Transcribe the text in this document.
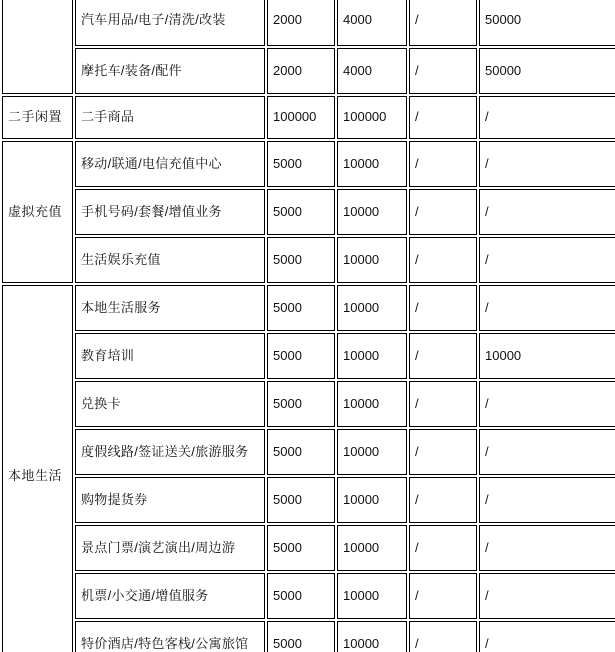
	汽车用品/电子/清洗/改装	2000	4000	/	50000
	摩托车/装备/配件	2000	4000	/	50000
二手闲置	二手商品	100000	100000	/	/
虚拟充值	移动/联通/电信充值中心	5000	10000	/	/
	手机号码/套餐/增值业务	5000	10000	/	/
	生活娱乐充值	5000	10000	/	/
本地生活	本地生活服务	5000	10000	/	/
	教育培训	5000	10000	/	10000
	兑换卡	5000	10000	/	/
	度假线路/签证送关/旅游服务	5000	10000	/	/
	购物提货券	5000	10000	/	/
	景点门票/演艺演出/周边游	5000	10000	/	/
	机票/小交通/增值服务	5000	10000	/	/
	特价酒店/特色客栈/公寓旅馆	5000	10000	/	/
